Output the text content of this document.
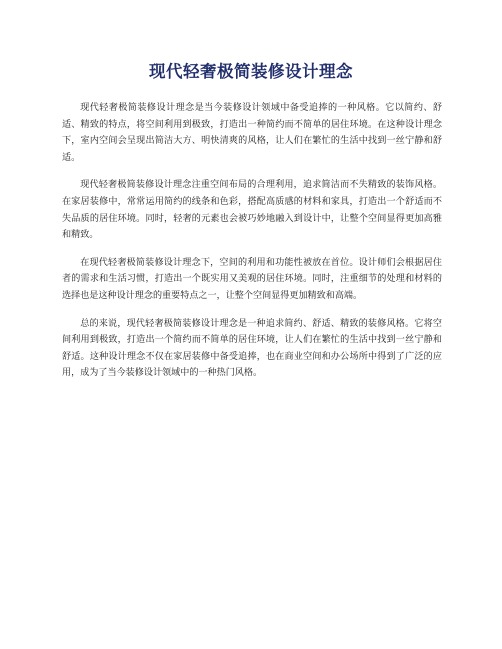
现代轻奢极简装修设计理念

现代轻奢极简装修设计理念是当今装修设计领域中备受追捧的一种风格。它以简约、舒适、精致的特点，将空间利用到极致，打造出一种简约而不简单的居住环境。在这种设计理念下，室内空间会呈现出简洁大方、明快清爽的风格，让人们在繁忙的生活中找到一丝宁静和舒适。

现代轻奢极简装修设计理念注重空间布局的合理利用，追求简洁而不失精致的装饰风格。在家居装修中，常常运用简约的线条和色彩，搭配高质感的材料和家具，打造出一个舒适而不失品质的居住环境。同时，轻奢的元素也会被巧妙地融入到设计中，让整个空间显得更加高雅和精致。

在现代轻奢极简装修设计理念下，空间的利用和功能性被放在首位。设计师们会根据居住者的需求和生活习惯，打造出一个既实用又美观的居住环境。同时，注重细节的处理和材料的选择也是这种设计理念的重要特点之一，让整个空间显得更加精致和高端。

总的来说，现代轻奢极简装修设计理念是一种追求简约、舒适、精致的装修风格。它将空间利用到极致，打造出一个简约而不简单的居住环境，让人们在繁忙的生活中找到一丝宁静和舒适。这种设计理念不仅在家居装修中备受追捧，也在商业空间和办公场所中得到了广泛的应用，成为了当今装修设计领域中的一种热门风格。
